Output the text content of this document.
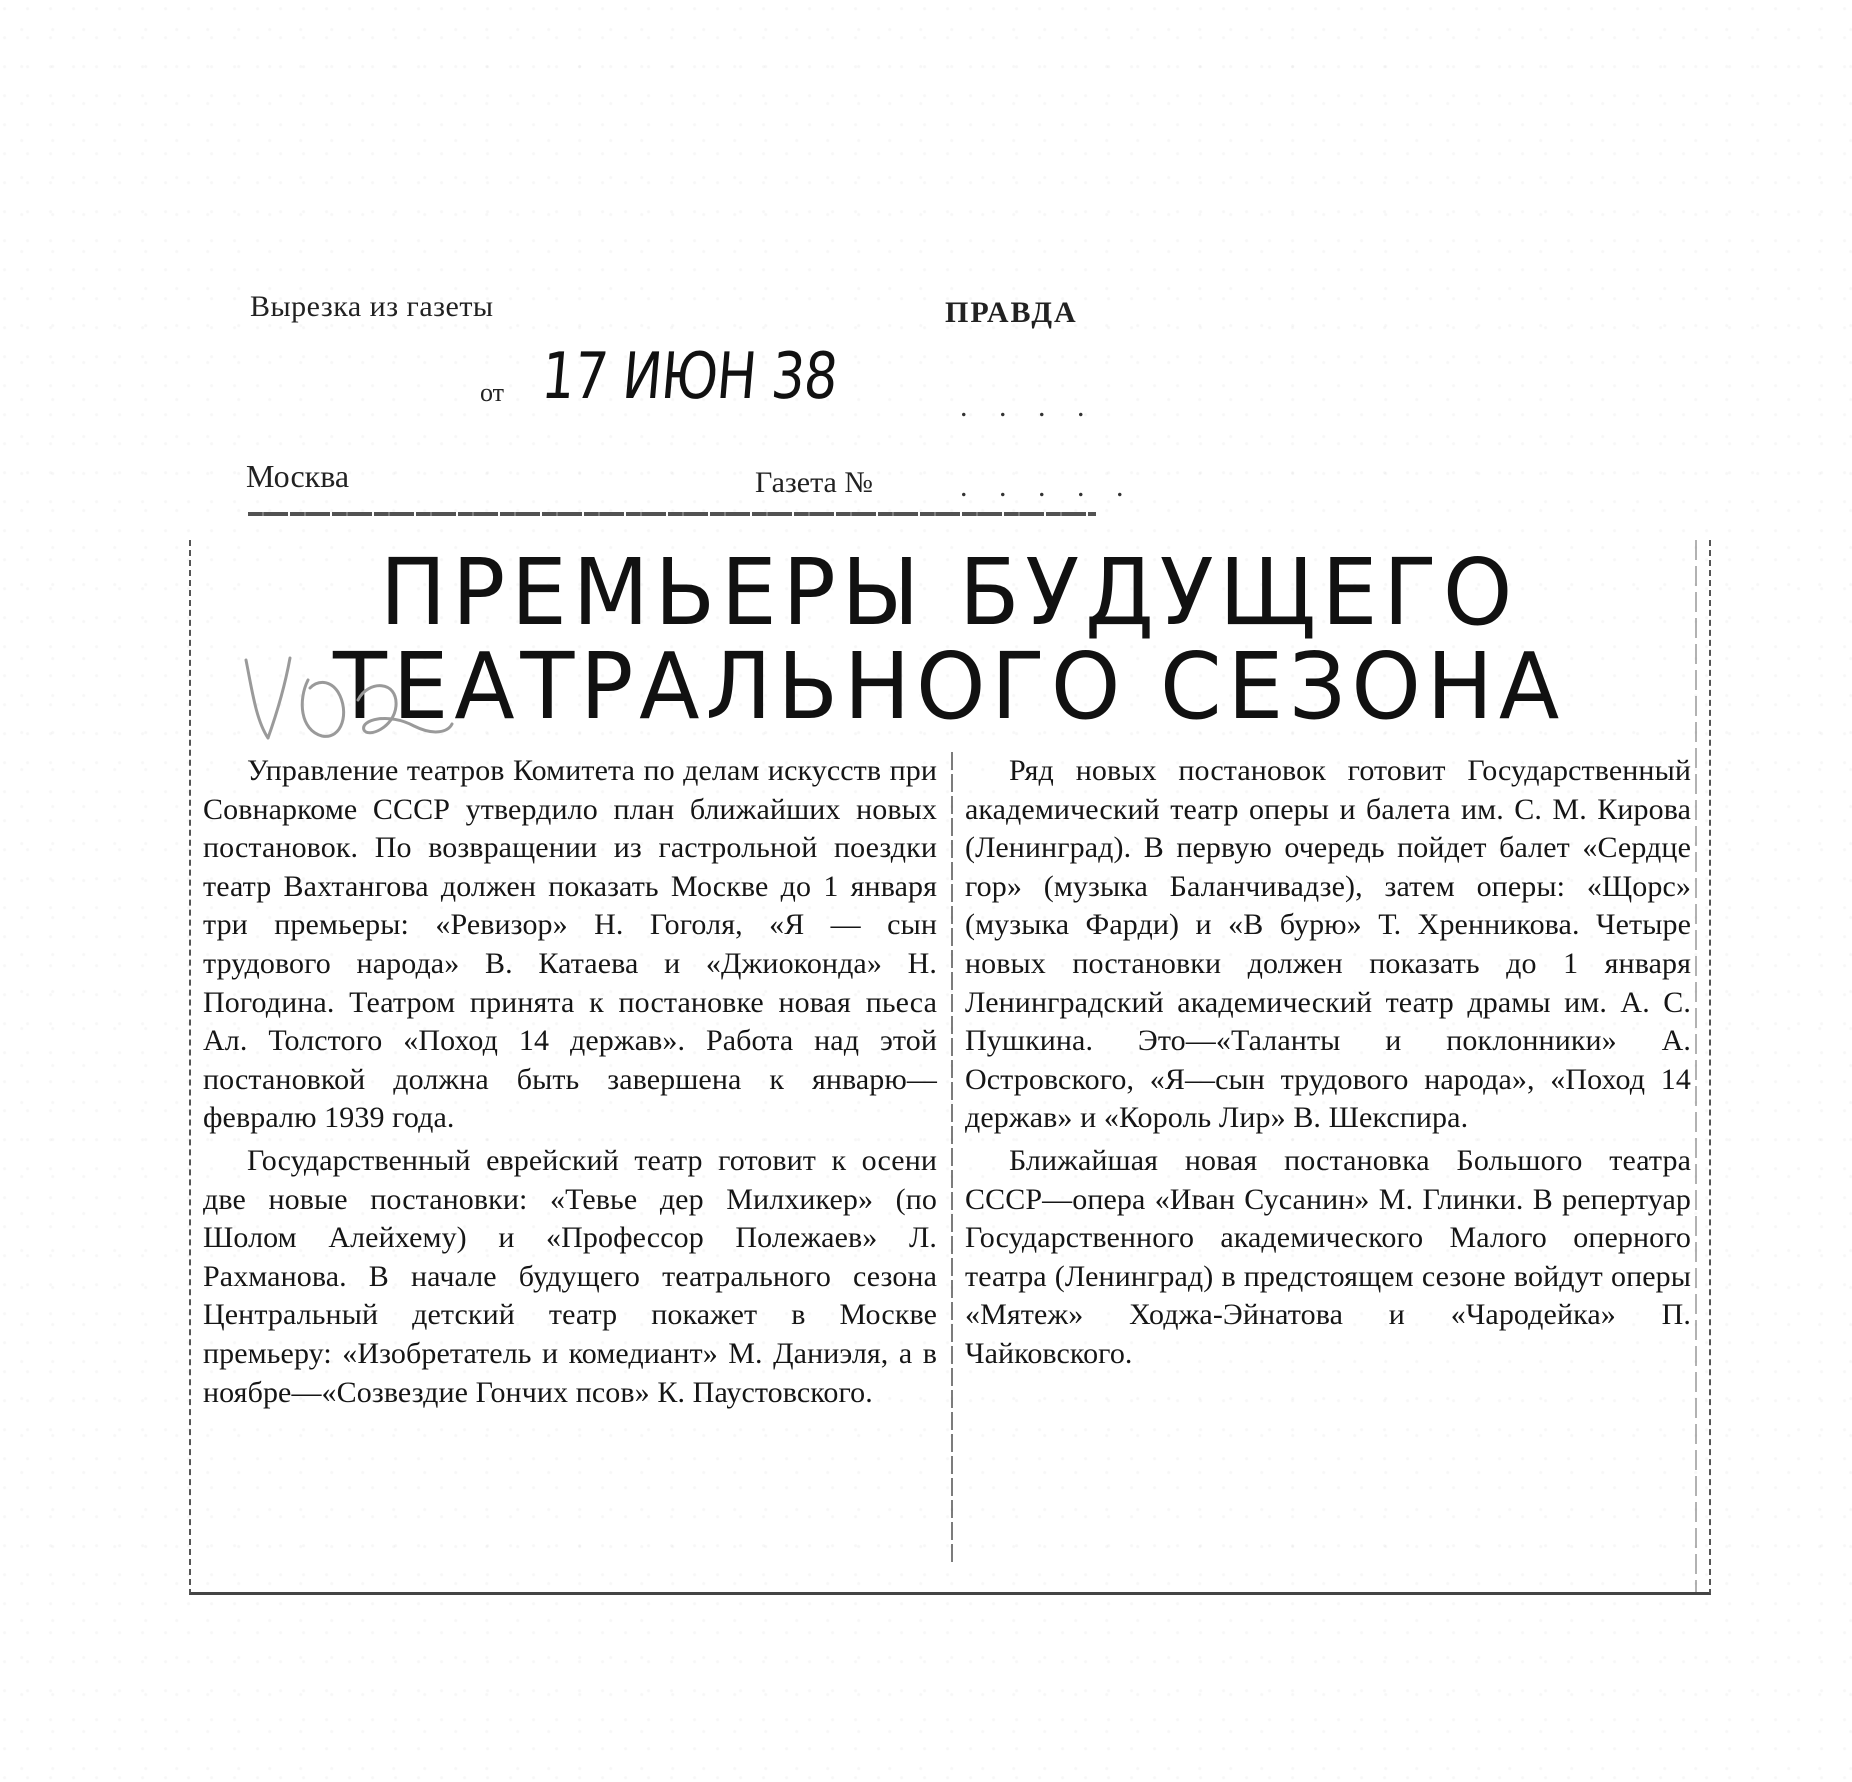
Вырезка из газеты	ПРАВДА
от 17 ИЮН 38	. . . .
Москва	Газета №	. . . . .
ПРЕМЬЕРЫ БУДУЩЕГО
ТЕАТРАЛЬНОГО СЕЗОНА

Управление театров Комитета по делам искусств при Совнаркоме СССР утвердило план ближайших новых постановок. По возвращении из гастрольной поездки театр Вахтангова должен показать Москве до 1 января три премьеры: «Ревизор» Н. Гоголя, «Я — сын трудового народа» В. Катаева и «Джиоконда» Н. Погодина. Театром принята к постановке новая пьеса Ал. Толстого «Поход 14 держав». Работа над этой постановкой должна быть завершена к январю—февралю 1939 года.

Государственный еврейский театр готовит к осени две новые постановки: «Тевье дер Милхикер» (по Шолом Алейхему) и «Профессор Полежаев» Л. Рахманова. В начале будущего театрального сезона Центральный детский театр покажет в Москве премьеру: «Изобретатель и комедиант» М. Даниэля, а в ноябре—«Созвездие Гончих псов» К. Паустовского.

Ряд новых постановок готовит Государственный академический театр оперы и балета им. С. М. Кирова (Ленинград). В первую очередь пойдет балет «Сердце гор» (музыка Баланчивадзе), затем оперы: «Щорс» (музыка Фарди) и «В бурю» Т. Хренникова. Четыре новых постановки должен показать до 1 января Ленинградский академический театр драмы им. А. С. Пушкина. Это—«Таланты и поклонники» А. Островского, «Я—сын трудового народа», «Поход 14 держав» и «Король Лир» В. Шекспира.

Ближайшая новая постановка Большого театра СССР—опера «Иван Сусанин» М. Глинки. В репертуар Государственного академического Малого оперного театра (Ленинград) в предстоящем сезоне войдут оперы «Мятеж» Ходжа-Эйнатова и «Чародейка» П. Чайковского.
